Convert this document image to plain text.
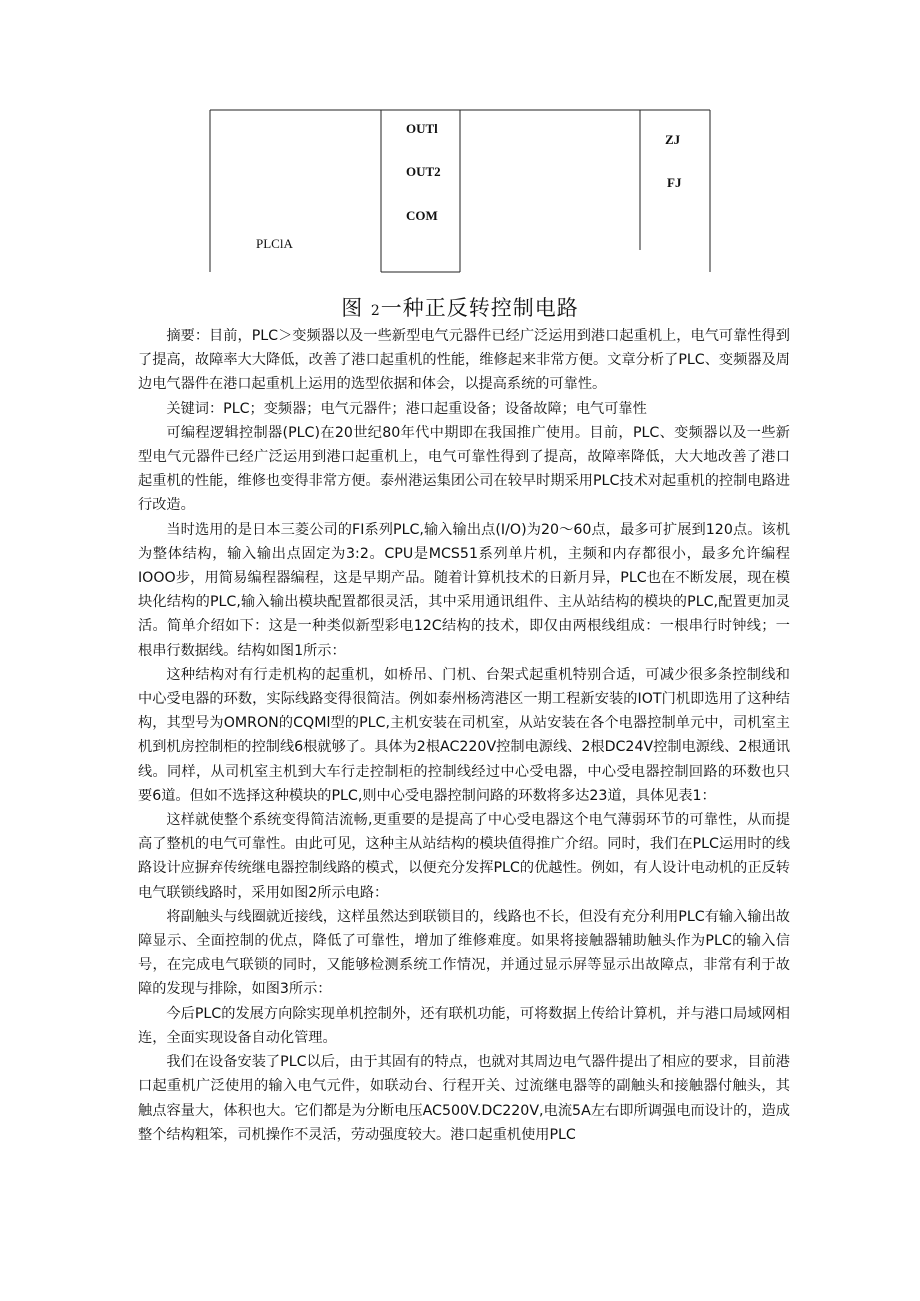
OUTl
OUT2
COM
ZJ
FJ
PLClA
图 2一种正反转控制电路

摘要：目前，PLC＞变频器以及一些新型电气元器件已经广泛运用到港口起重机上，电气可靠性得到了提高，故障率大大降低，改善了港口起重机的性能，维修起来非常方便。文章分析了PLC、变频器及周边电气器件在港口起重机上运用的选型依据和体会，以提高系统的可靠性。

关键词：PLC；变频器；电气元器件；港口起重设备；设备故障；电气可靠性

可编程逻辑控制器(PLC)在20世纪80年代中期即在我国推广使用。目前，PLC、变频器以及一些新型电气元器件已经广泛运用到港口起重机上，电气可靠性得到了提高，故障率降低，大大地改善了港口起重机的性能，维修也变得非常方便。泰州港运集团公司在较早时期采用PLC技术对起重机的控制电路进行改造。

当时选用的是日本三菱公司的FI系列PLC,输入输出点(I/O)为20～60点，最多可扩展到120点。该机为整体结构，输入输出点固定为3:2。CPU是MCS51系列单片机，主频和内存都很小，最多允许编程IOOO步，用简易编程器编程，这是早期产品。随着计算机技术的日新月异，PLC也在不断发展，现在模块化结构的PLC,输入输出模块配置都很灵活，其中采用通讯组件、主从站结构的模块的PLC,配置更加灵活。简单介绍如下：这是一种类似新型彩电12C结构的技术，即仅由两根线组成：一根串行时钟线；一根串行数据线。结构如图1所示：

这种结构对有行走机构的起重机，如桥吊、门机、台架式起重机特别合适，可减少很多条控制线和中心受电器的环数，实际线路变得很简洁。例如泰州杨湾港区一期工程新安装的IOT门机即选用了这种结构，其型号为OMRON的CQMl型的PLC,主机安装在司机室，从站安装在各个电器控制单元中，司机室主机到机房控制柜的控制线6根就够了。具体为2根AC220V控制电源线、2根DC24V控制电源线、2根通讯线。同样，从司机室主机到大车行走控制柜的控制线经过中心受电器，中心受电器控制回路的环数也只要6道。但如不选择这种模块的PLC,则中心受电器控制问路的环数将多达23道，具体见表1：

这样就使整个系统变得简洁流畅,更重要的是提高了中心受电器这个电气薄弱环节的可靠性，从而提高了整机的电气可靠性。由此可见，这种主从站结构的模块值得推广介绍。同时，我们在PLC运用时的线路设计应摒弃传统继电器控制线路的模式，以便充分发挥PLC的优越性。例如，有人设计电动机的正反转电气联锁线路时，采用如图2所示电路：

将副触头与线圈就近接线，这样虽然达到联锁目的，线路也不长，但没有充分利用PLC有输入输出故障显示、全面控制的优点，降低了可靠性，增加了维修难度。如果将接触器辅助触头作为PLC的输入信号，在完成电气联锁的同时，又能够检测系统工作情况，并通过显示屏等显示出故障点，非常有利于故障的发现与排除，如图3所示：

今后PLC的发展方向除实现单机控制外，还有联机功能，可将数据上传给计算机，并与港口局域网相连，全面实现设备自动化管理。

我们在设备安装了PLC以后，由于其固有的特点，也就对其周边电气器件提出了相应的要求，目前港口起重机广泛使用的输入电气元件，如联动台、行程开关、过流继电器等的副触头和接触器付触头，其触点容量大，体积也大。它们都是为分断电压AC500V.DC220V,电流5A左右即所调强电而设计的，造成整个结构粗笨，司机操作不灵活，劳动强度较大。港口起重机使用PLC
